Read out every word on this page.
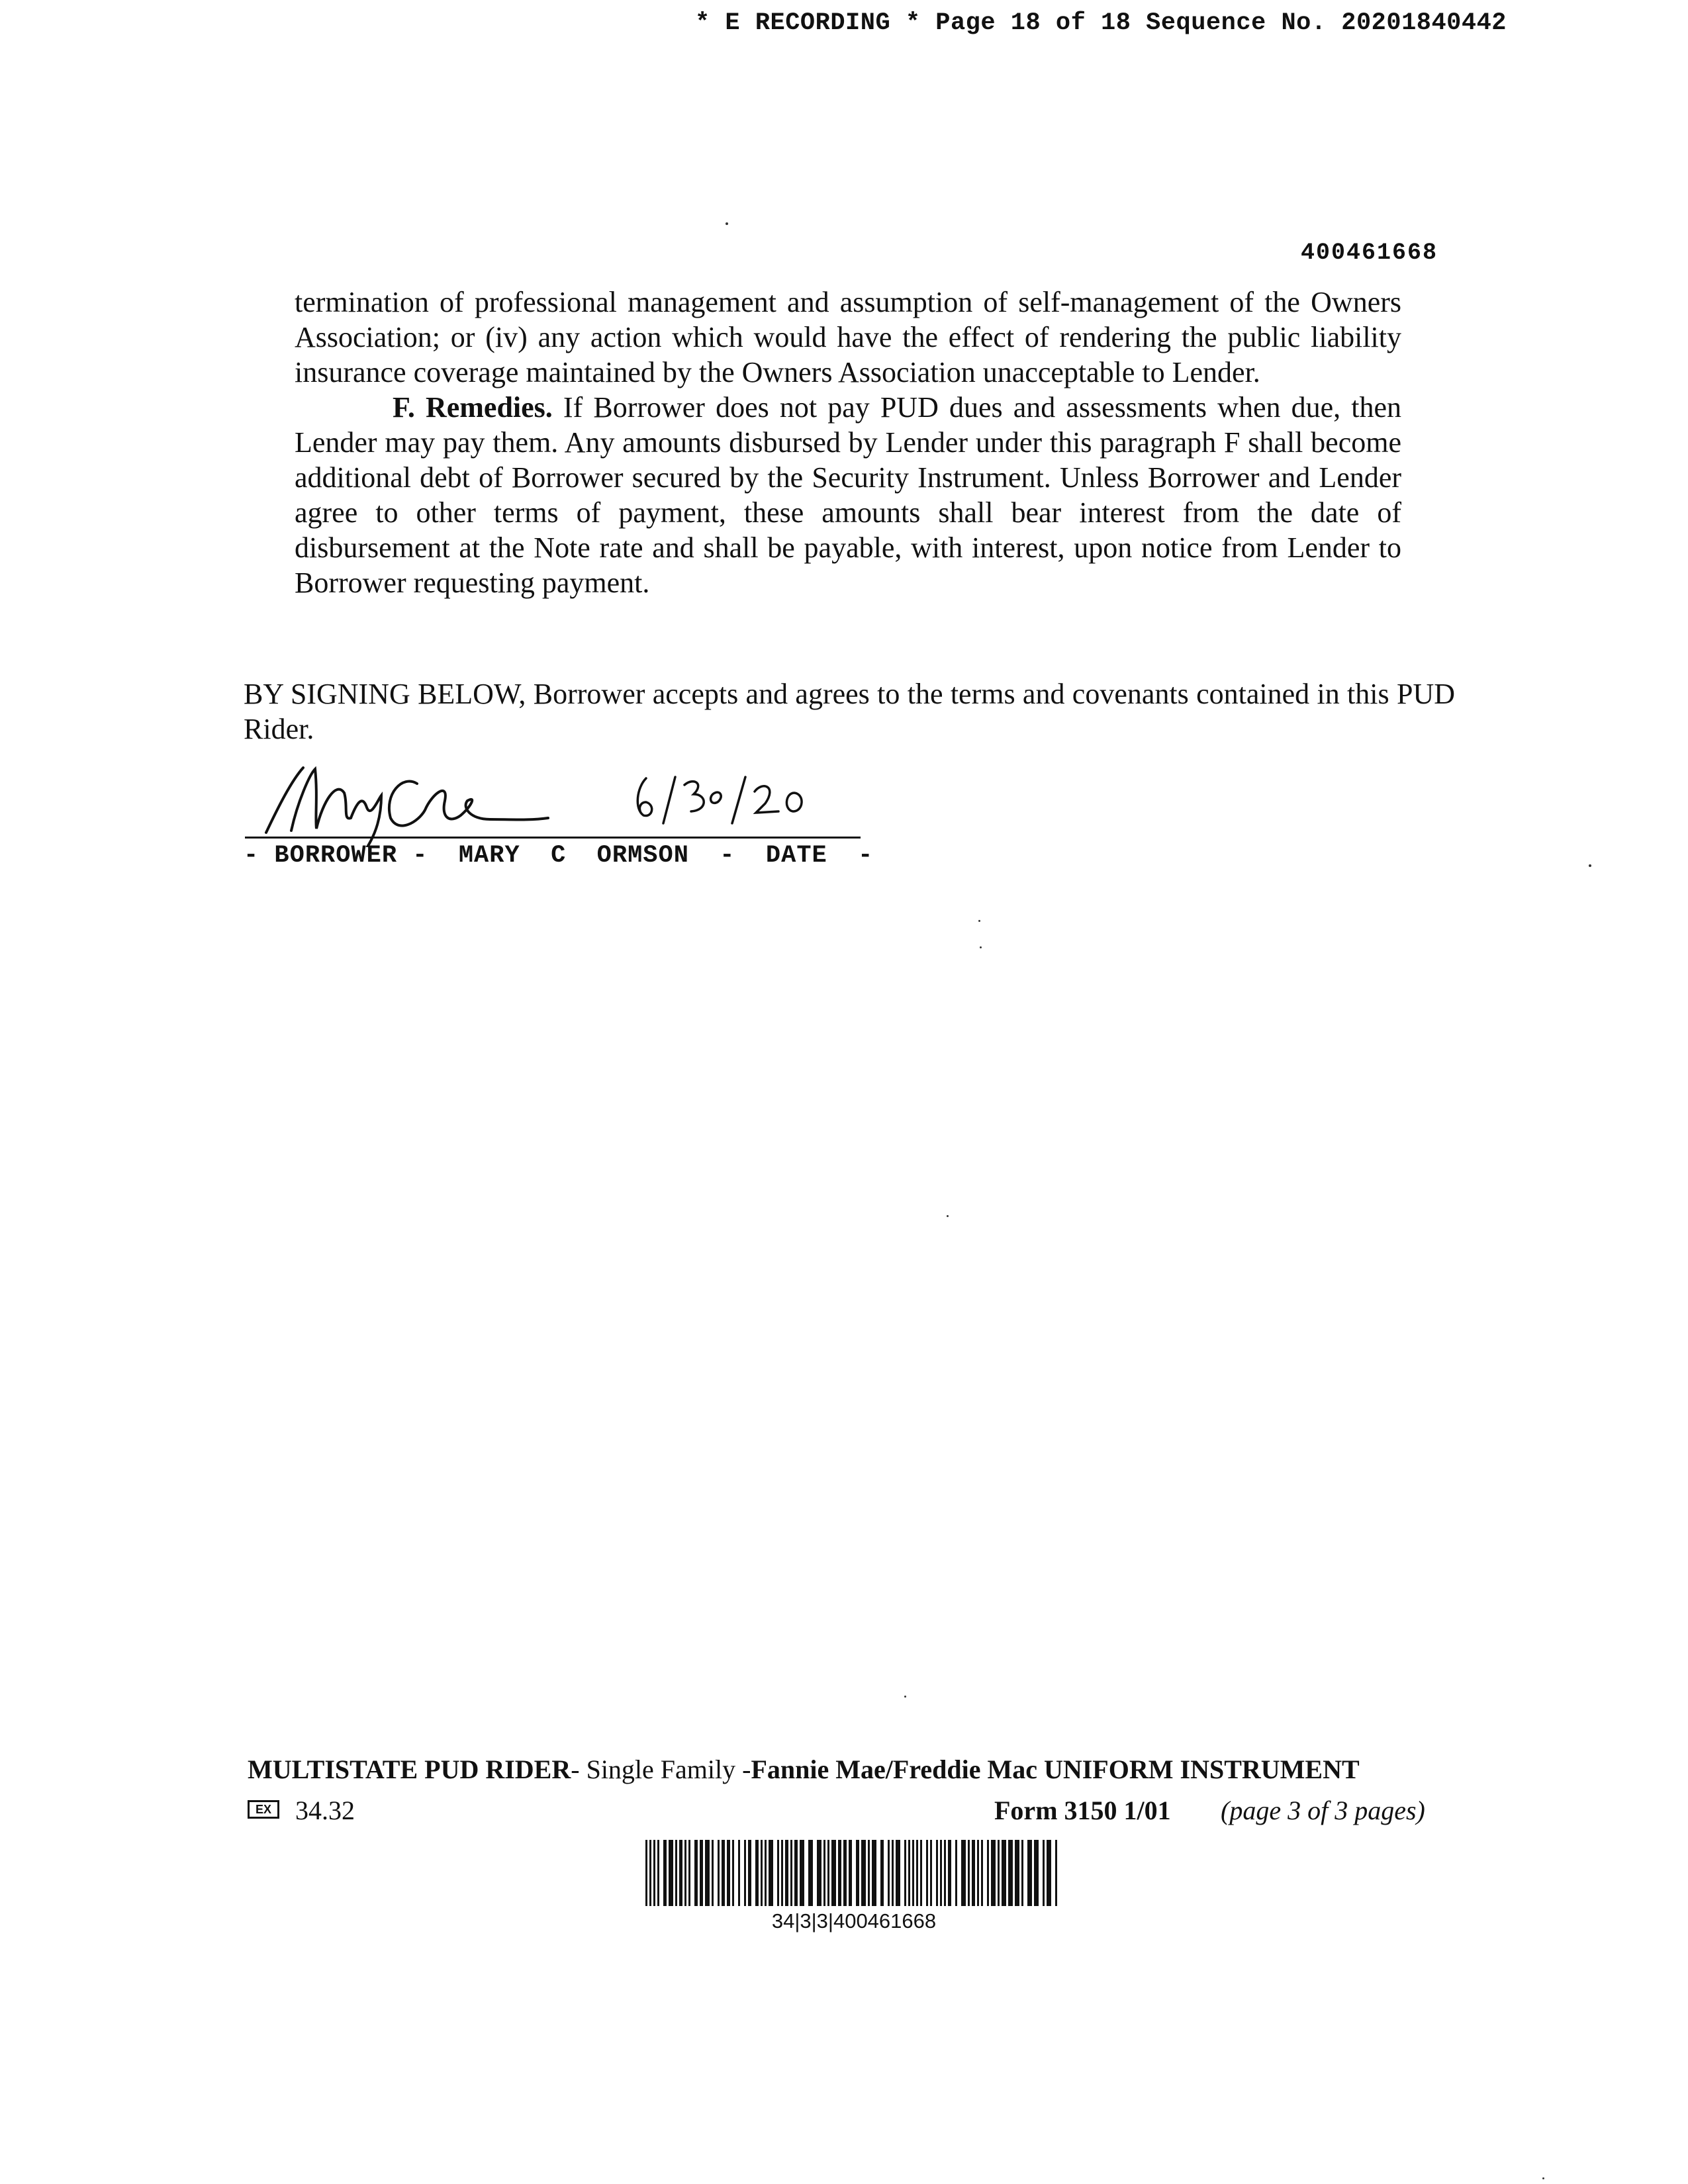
* E RECORDING * Page 18 of 18 Sequence No. 20201840442
400461668

termination of professional management and assumption of self-management of the Owners Association; or (iv) any action which would have the effect of rendering the public liability insurance coverage maintained by the Owners Association unacceptable to Lender.

F. Remedies. If Borrower does not pay PUD dues and assessments when due, then Lender may pay them. Any amounts disbursed by Lender under this paragraph F shall become additional debt of Borrower secured by the Security Instrument. Unless Borrower and Lender agree to other terms of payment, these amounts shall bear interest from the date of disbursement at the Note rate and shall be payable, with interest, upon notice from Lender to Borrower requesting payment.

BY SIGNING BELOW, Borrower accepts and agrees to the terms and covenants contained in this PUD Rider.
- BORROWER -  MARY  C  ORMSON  -  DATE  -
MULTISTATE PUD RIDER- Single Family -Fannie Mae/Freddie Mac UNIFORM INSTRUMENT
EX 34.32	Form 3150 1/01 (page 3 of 3 pages)
34|3|3|400461668
